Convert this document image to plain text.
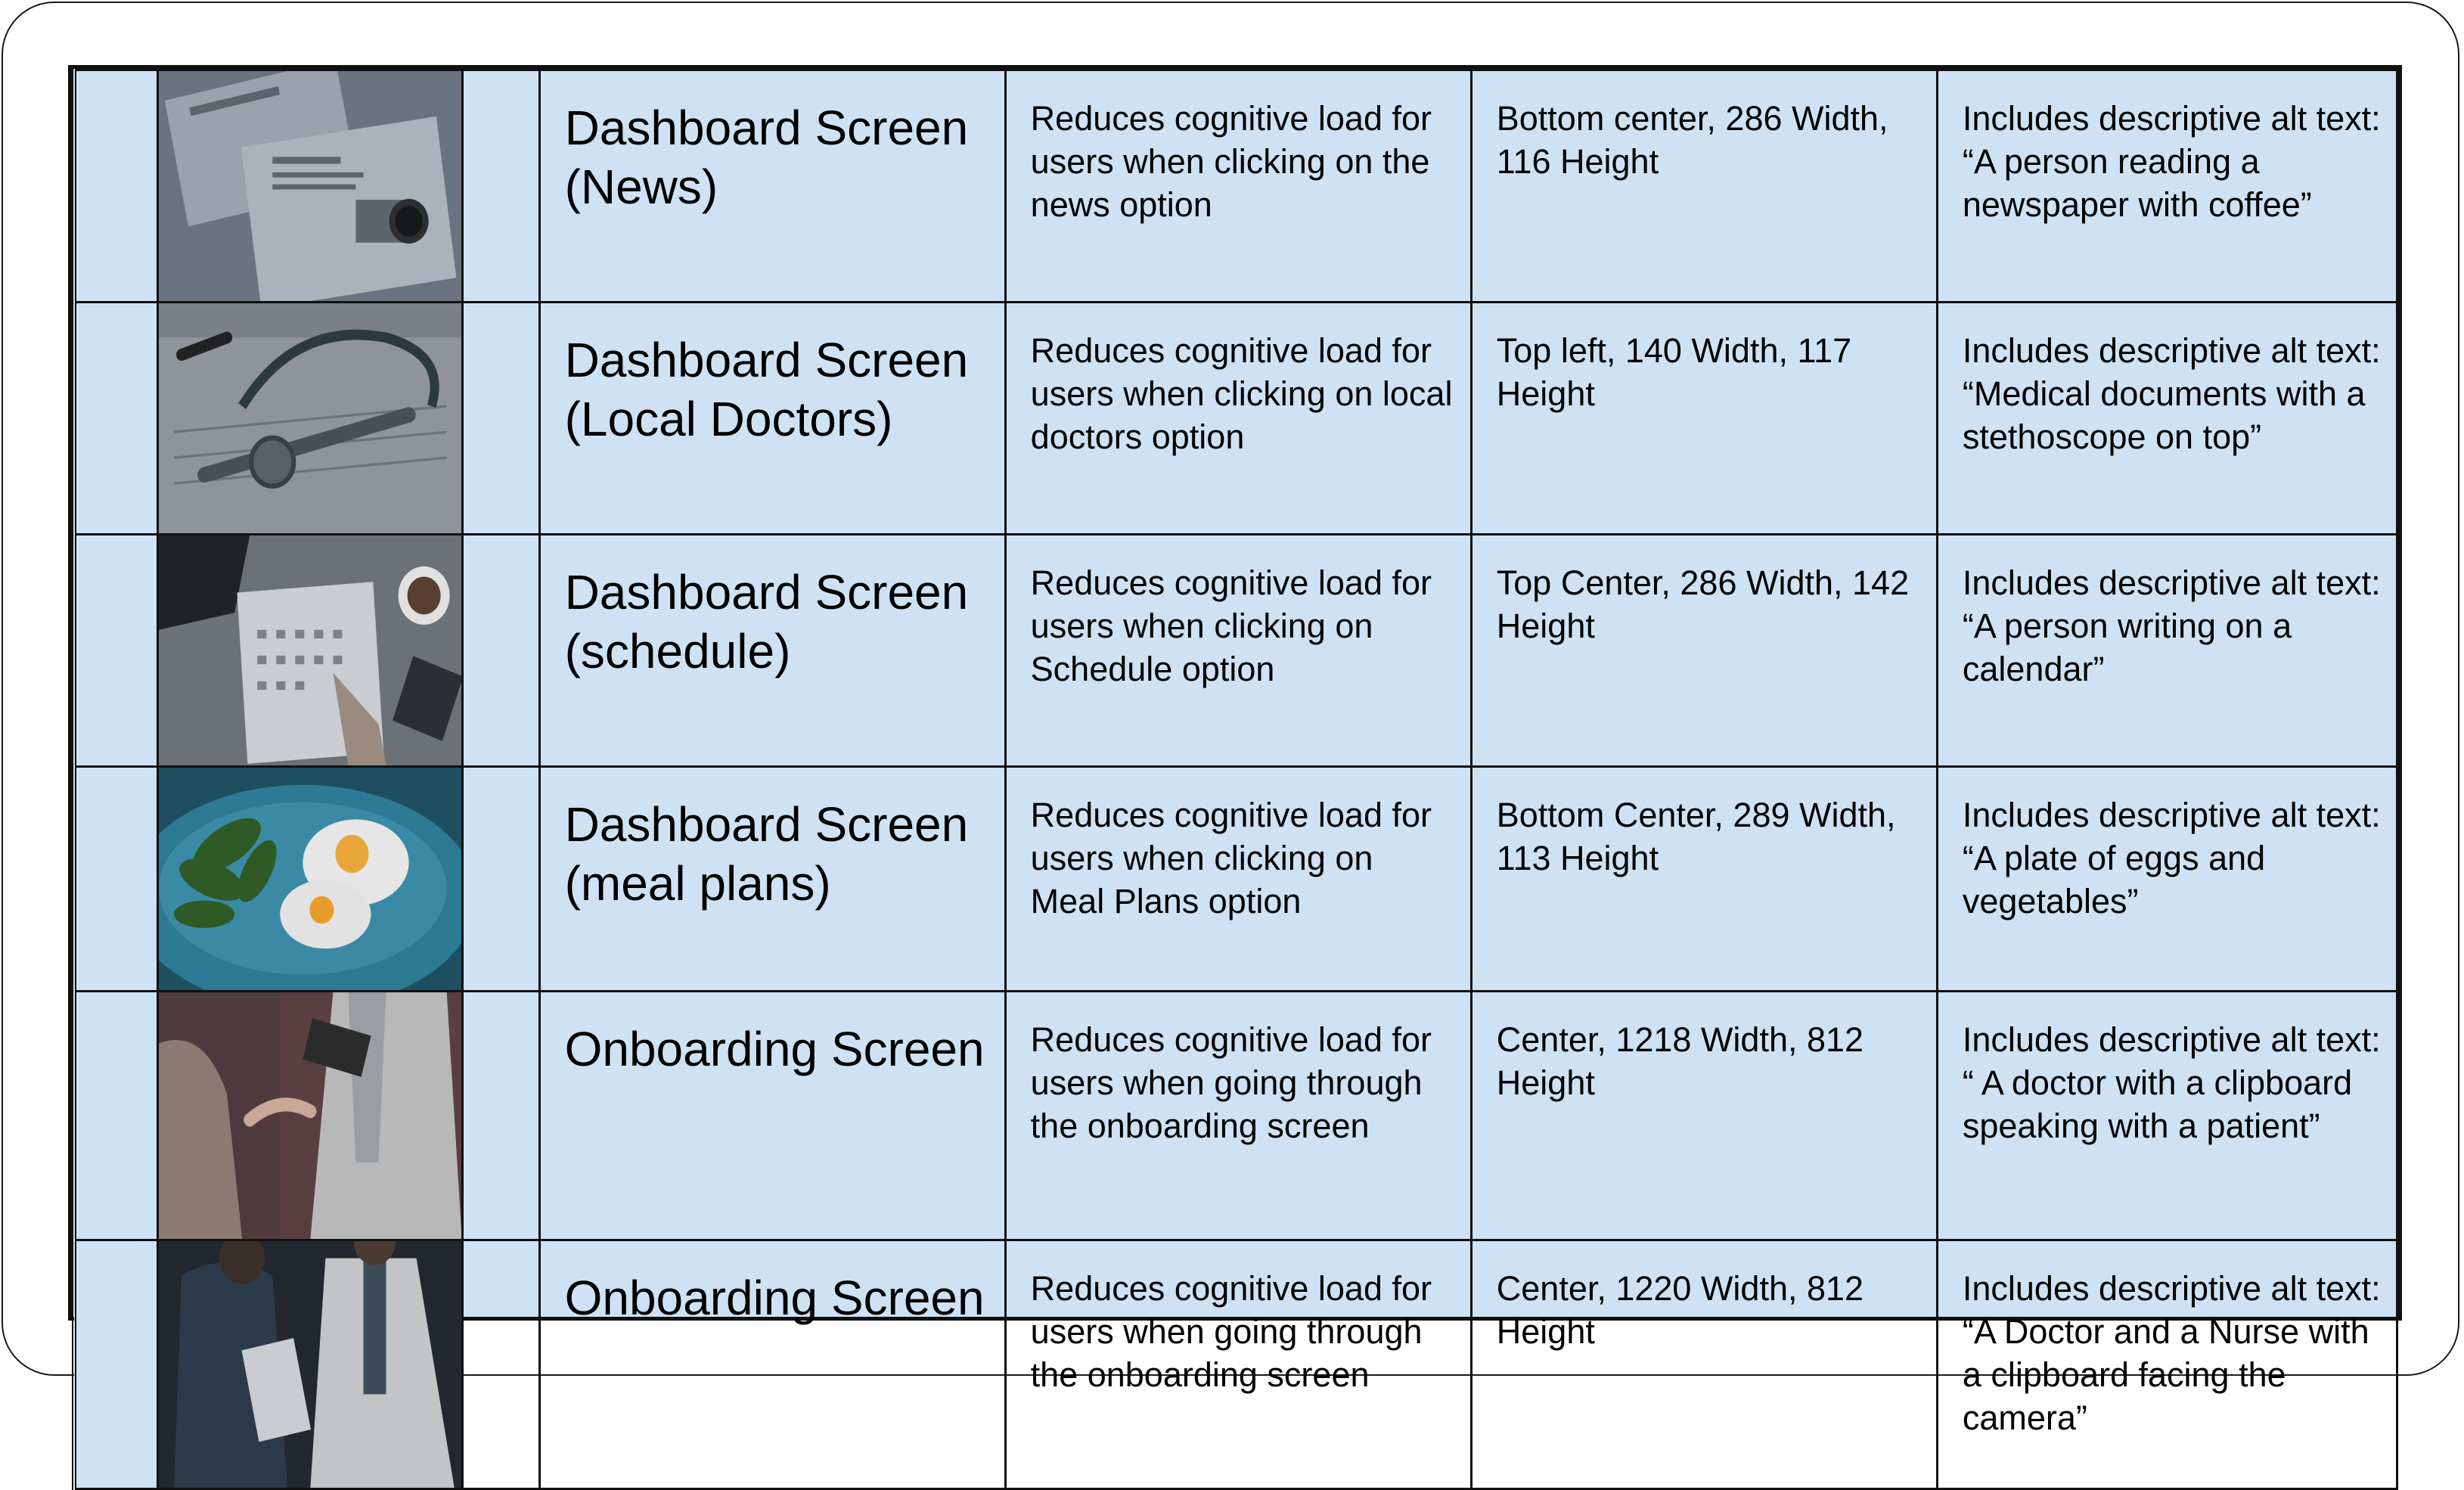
		Dashboard Screen (News)	Reduces cognitive load for users when clicking on the news option	Bottom center, 286 Width, 116 Height	Includes descriptive alt text: “A person reading a newspaper with coffee”

		Dashboard Screen (Local Doctors)	Reduces cognitive load for users when clicking on local doctors option	Top left, 140 Width, 117 Height	Includes descriptive alt text: “Medical documents with a stethoscope on top”

		Dashboard Screen (schedule)	Reduces cognitive load for users when clicking on Schedule option	Top Center, 286 Width, 142 Height	Includes descriptive alt text: “A person writing on a calendar”

		Dashboard Screen (meal plans)	Reduces cognitive load for users when clicking on Meal Plans option	Bottom Center, 289 Width, 113 Height	Includes descriptive alt text: “A plate of eggs and vegetables”

		Onboarding Screen	Reduces cognitive load for users when going through the onboarding screen	Center, 1218 Width, 812 Height	Includes descriptive alt text: “ A doctor with a clipboard speaking with a patient”

		Onboarding Screen	Reduces cognitive load for users when going through the onboarding screen	Center, 1220 Width, 812 Height	Includes descriptive alt text: “A Doctor and a Nurse with a clipboard facing the camera”
